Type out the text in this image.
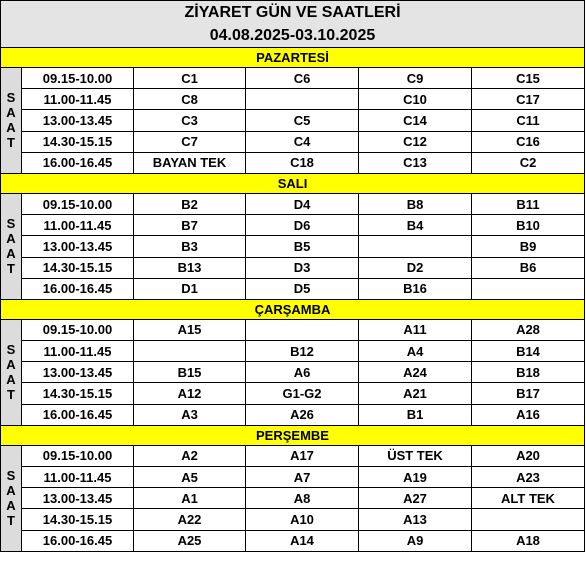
ZİYARET GÜN VE SAATLERİ					
04.08.2025-03.10.2025					
PAZARTESİ					

S
A
A
T	09.15-10.00	C1	C6	C9	C15
	11.00-11.45	C8		C10	C17
	13.00-13.45	C3	C5	C14	C11
	14.30-15.15	C7	C4	C12	C16
	16.00-16.45	BAYAN TEK	C18	C13	C2
SALI					

S
A
A
T	09.15-10.00	B2	D4	B8	B11
	11.00-11.45	B7	D6	B4	B10
	13.00-13.45	B3	B5		B9
	14.30-15.15	B13	D3	D2	B6
	16.00-16.45	D1	D5	B16	
ÇARŞAMBA					

S
A
A
T	09.15-10.00	A15		A11	A28
	11.00-11.45		B12	A4	B14
	13.00-13.45	B15	A6	A24	B18
	14.30-15.15	A12	G1-G2	A21	B17
	16.00-16.45	A3	A26	B1	A16
PERŞEMBE					

S
A
A
T	09.15-10.00	A2	A17	ÜST TEK	A20
	11.00-11.45	A5	A7	A19	A23
	13.00-13.45	A1	A8	A27	ALT TEK
	14.30-15.15	A22	A10	A13	
	16.00-16.45	A25	A14	A9	A18
